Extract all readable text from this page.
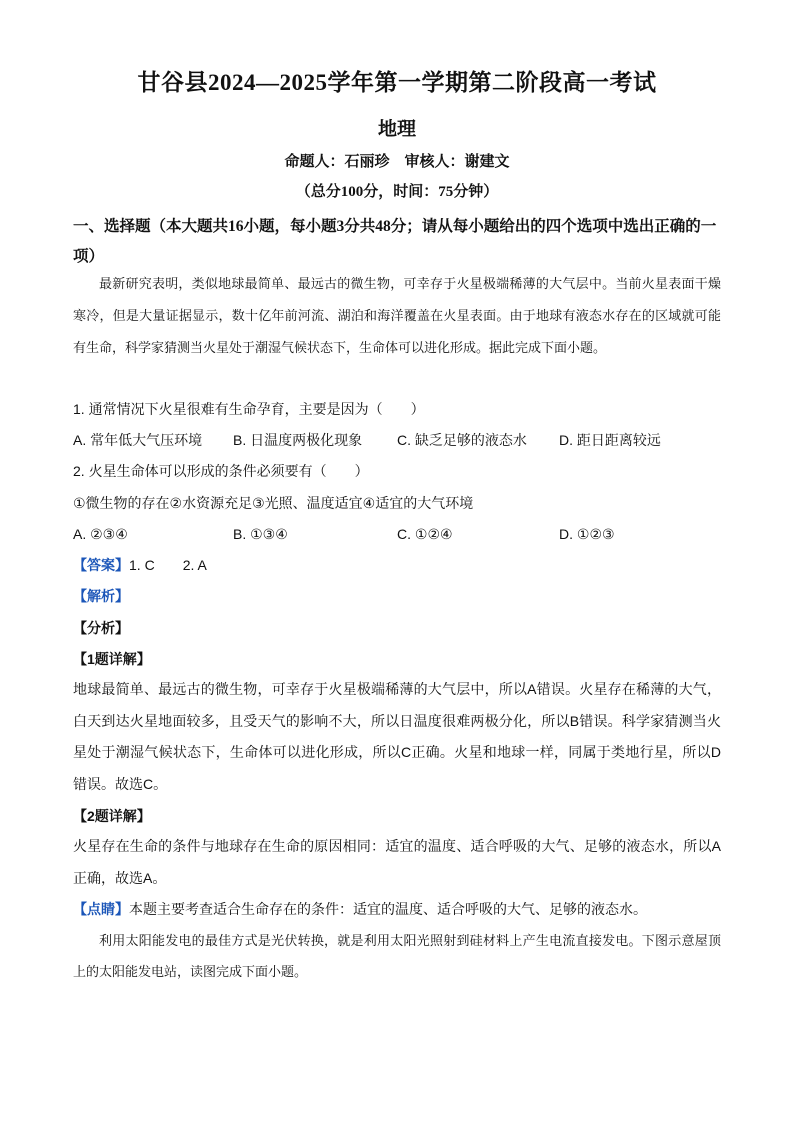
甘谷县2024—2025学年第一学期第二阶段高一考试
地理
命题人：石丽珍　审核人：谢建文
（总分100分，时间：75分钟）
一、选择题（本大题共16小题，每小题3分共48分；请从每小题给出的四个选项中选出正确的一项）
最新研究表明，类似地球最简单、最远古的微生物，可幸存于火星极端稀薄的大气层中。当前火星表面干燥寒冷，但是大量证据显示，数十亿年前河流、湖泊和海洋覆盖在火星表面。由于地球有液态水存在的区域就可能有生命，科学家猜测当火星处于潮湿气候状态下，生命体可以进化形成。据此完成下面小题。
1. 通常情况下火星很难有生命孕育，主要是因为（　　）
A. 常年低大气压环境 B. 日温度两极化现象 C. 缺乏足够的液态水 D. 距日距离较远
2. 火星生命体可以形成的条件必须要有（　　）
①微生物的存在②水资源充足③光照、温度适宜④适宜的大气环境
A. ②③④	B. ①③④	C. ①②④	D. ①②③
【答案】1. C 2. A
【解析】
【分析】
【1题详解】
地球最简单、最远古的微生物，可幸存于火星极端稀薄的大气层中，所以A错误。火星存在稀薄的大气，白天到达火星地面较多，且受天气的影响不大，所以日温度很难两极分化，所以B错误。科学家猜测当火星处于潮湿气候状态下，生命体可以进化形成，所以C正确。火星和地球一样，同属于类地行星，所以D错误。故选C。
【2题详解】
火星存在生命的条件与地球存在生命的原因相同：适宜的温度、适合呼吸的大气、足够的液态水，所以A正确，故选A。
【点睛】本题主要考查适合生命存在的条件：适宜的温度、适合呼吸的大气、足够的液态水。
利用太阳能发电的最佳方式是光伏转换，就是利用太阳光照射到硅材料上产生电流直接发电。下图示意屋顶上的太阳能发电站，读图完成下面小题。
